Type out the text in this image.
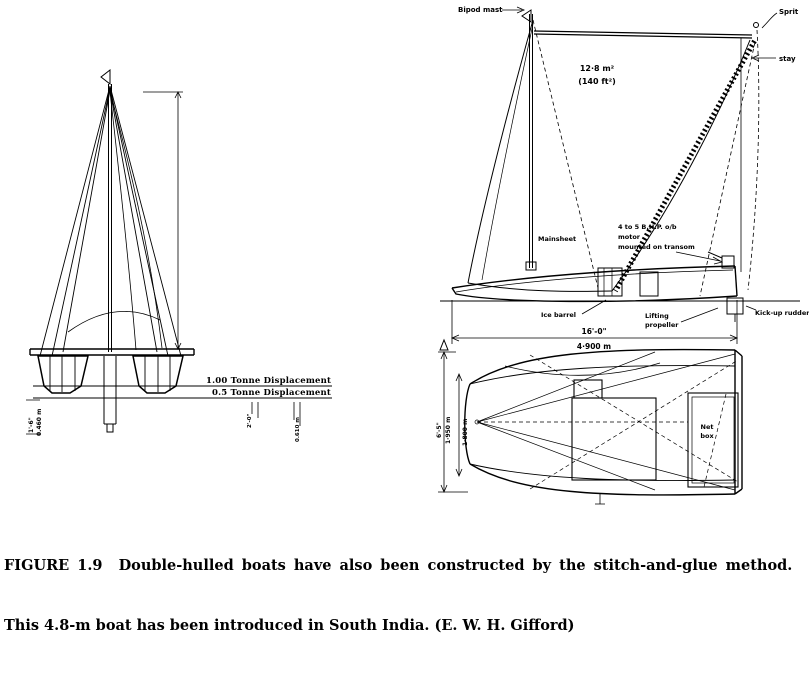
1.00 Tonne Displacement
0.5 Tonne Displacement
1'-6" 0.460 m	2'-0"	0.610 m
Bipod mast	Sprit
stay
12·8 m²
(140 ft²)
4 to 5 B.H.P. o/b
motor
mounted on transom
Mainsheet
Ice barrel	Lifting
propeller
Kick-up rudder
16'-0"
4·900 m
6'-5" 1·950 m 1·800 m	Net
box

FIGURE 1.9  Double-hulled boats have also been constructed by the stitch-and-glue method.

This 4.8-m boat has been introduced in South India. (E. W. H. Gifford)
